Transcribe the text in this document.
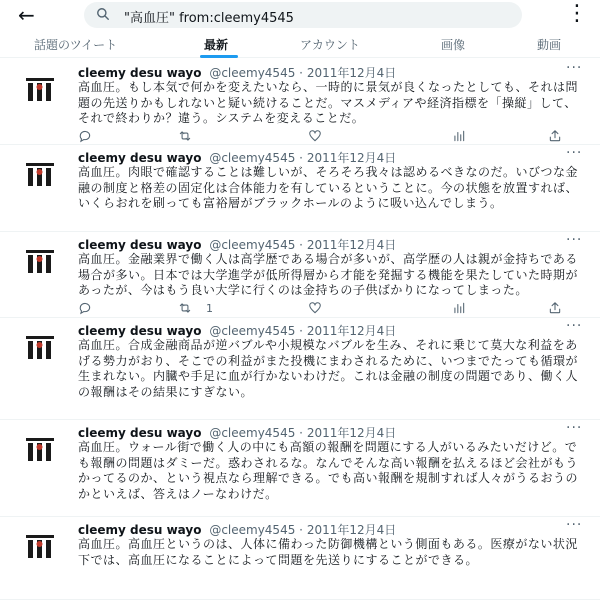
←	"高血圧" from:cleemy4545	⋮
話題のツイート	最新	アカウント	画像	動画
cleemy desu wayo @cleemy4545 · 2011年12月4日	···
高血圧。もし本気で何かを変えたいなら、一時的に景気が良くなったとしても、それは問題の先送りかもしれないと疑い続けることだ。マスメディアや経済指標を「操縦」して、それで終わりか？違う。システムを変えることだ。
cleemy desu wayo @cleemy4545 · 2011年12月4日	···
高血圧。肉眼で確認することは難しいが、そろそろ我々は認めるべきなのだ。いびつな金融の制度と格差の固定化は合体能力を有しているということに。今の状態を放置すれば、いくらおれを刷っても富裕層がブラックホールのように吸い込んでしまう。
cleemy desu wayo @cleemy4545 · 2011年12月4日	···
高血圧。金融業界で働く人は高学歴である場合が多いが、高学歴の人は親が金持ちである場合が多い。日本では大学進学が低所得層から才能を発掘する機能を果たしていた時期があったが、今はもう良い大学に行くのは金持ちの子供ばかりになってしまった。
1
cleemy desu wayo @cleemy4545 · 2011年12月4日	···
高血圧。合成金融商品が逆バブルや小規模なバブルを生み、それに乗じて莫大な利益をあげる勢力がおり、そこでの利益がまた投機にまわされるために、いつまでたっても循環が生まれない。内臓や手足に血が行かないわけだ。これは金融の制度の問題であり、働く人の報酬はその結果にすぎない。
cleemy desu wayo @cleemy4545 · 2011年12月4日	···
高血圧。ウォール街で働く人の中にも高額の報酬を問題にする人がいるみたいだけど。でも報酬の問題はダミーだ。惑わされるな。なんでそんな高い報酬を払えるほど会社がもうかってるのか、という視点なら理解できる。でも高い報酬を規制すれば人々がうるおうのかといえば、答えはノーなわけだ。
cleemy desu wayo @cleemy4545 · 2011年12月4日	···
高血圧。高血圧というのは、人体に備わった防御機構という側面もある。医療がない状況下では、高血圧になることによって問題を先送りにすることができる。
